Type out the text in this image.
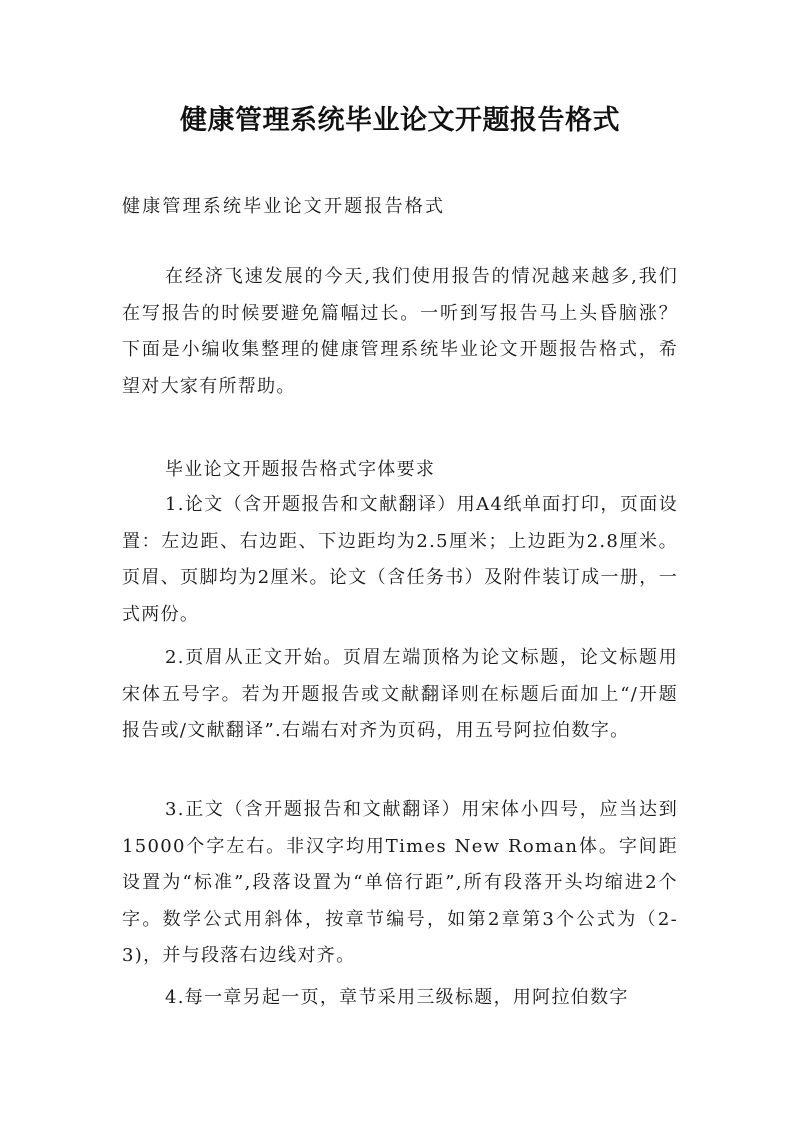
健康管理系统毕业论文开题报告格式

健康管理系统毕业论文开题报告格式

在经济飞速发展的今天,我们使用报告的情况越来越多,我们在写报告的时候要避免篇幅过长。一听到写报告马上头昏脑涨？下面是小编收集整理的健康管理系统毕业论文开题报告格式，希望对大家有所帮助。

毕业论文开题报告格式字体要求

1.论文（含开题报告和文献翻译）用A4纸单面打印，页面设置：左边距、右边距、下边距均为2.5厘米；上边距为2.8厘米。页眉、页脚均为2厘米。论文（含任务书）及附件装订成一册，一式两份。

2.页眉从正文开始。页眉左端顶格为论文标题，论文标题用宋体五号字。若为开题报告或文献翻译则在标题后面加上“/开题报告或/文献翻译”.右端右对齐为页码，用五号阿拉伯数字。

3.正文（含开题报告和文献翻译）用宋体小四号，应当达到15000个字左右。非汉字均用Times New Roman体。字间距设置为“标准”,段落设置为“单倍行距”,所有段落开头均缩进2个字。数学公式用斜体，按章节编号，如第2章第3个公式为（2-3)，并与段落右边线对齐。

4.每一章另起一页，章节采用三级标题，用阿拉伯数字
